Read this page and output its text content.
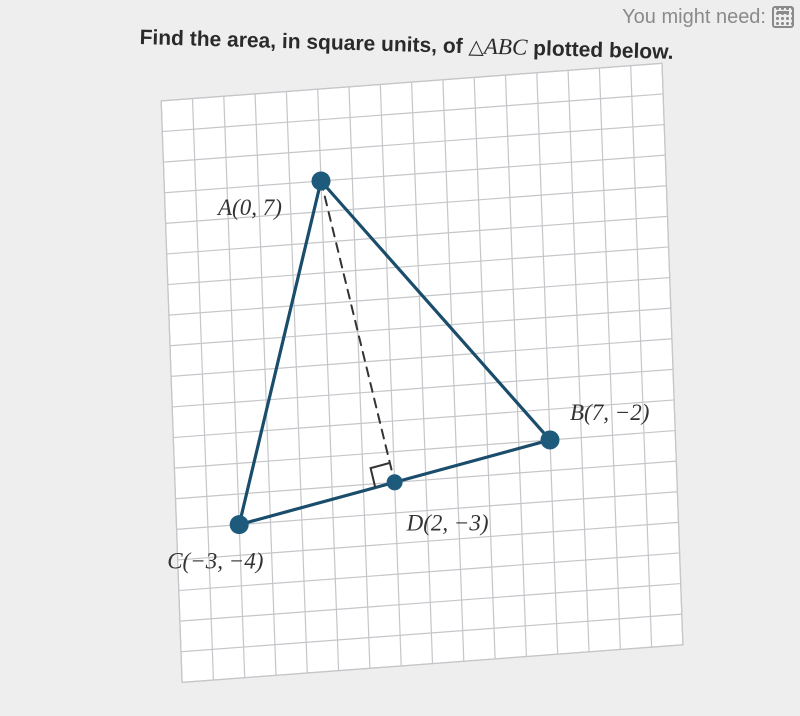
You might need:
Find the area, in square units, of △ABC plotted below.
A(0, 7)
B(7, −2)
C(−3, −4)
D(2, −3)
